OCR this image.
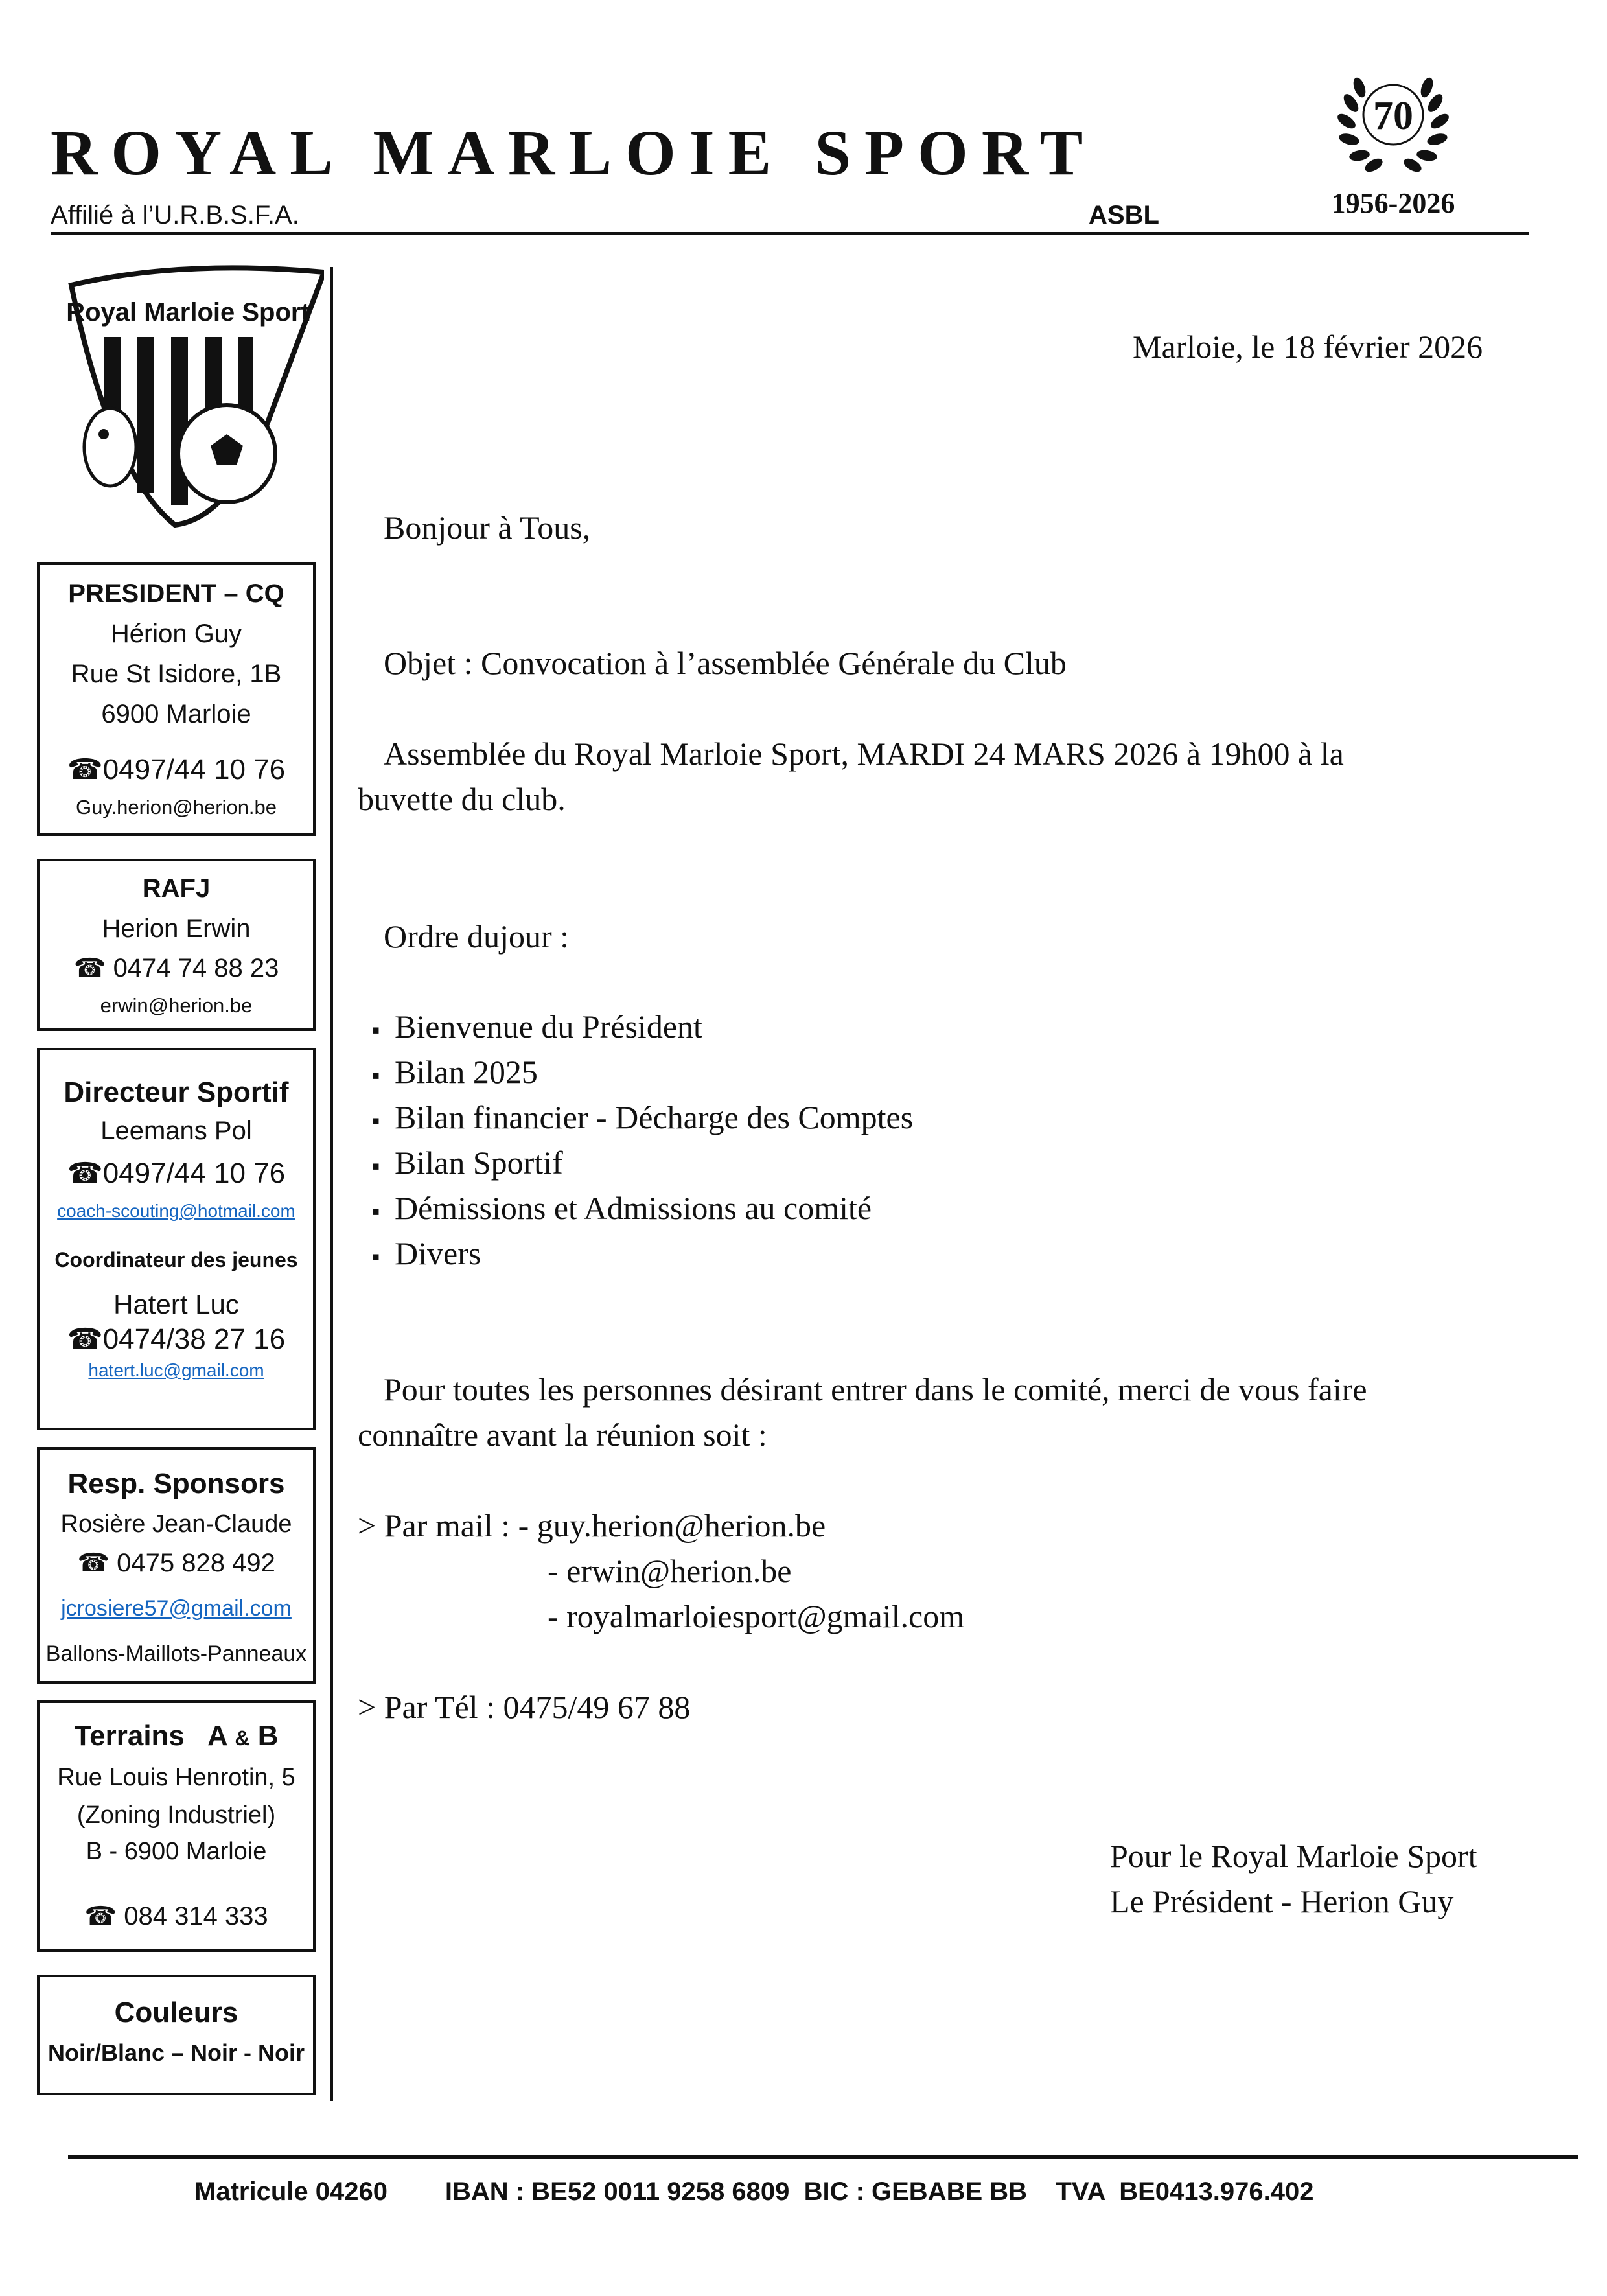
ROYAL MARLOIE SPORT
Affilié à l’U.R.B.S.F.A.	ASBL
70
1956-2026
Royal Marloie Sport
PRESIDENT – CQ
Hérion Guy
Rue St Isidore, 1B
6900 Marloie
☎0497/44 10 76
Guy.herion@herion.be
RAFJ
Herion Erwin
☎ 0474 74 88 23
erwin@herion.be
Directeur Sportif
Leemans Pol
☎0497/44 10 76
coach-scouting@hotmail.com
Coordinateur des jeunes
Hatert Luc
☎0474/38 27 16
hatert.luc@gmail.com
Resp. Sponsors
Rosière Jean-Claude
☎ 0475 828 492
jcrosiere57@gmail.com
Ballons-Maillots-Panneaux
Terrains A & B
Rue Louis Henrotin, 5
(Zoning Industriel)
B - 6900 Marloie
☎ 084 314 333
Couleurs
Noir/Blanc – Noir - Noir
Marloie, le 18 février 2026
Bonjour à Tous,
Objet : Convocation à l’assemblée Générale du Club
Assemblée du Royal Marloie Sport, MARDI 24 MARS 2026 à 19h00 à la
buvette du club.
Ordre dujour :
▪ Bienvenue du Président
▪ Bilan 2025
▪ Bilan financier - Décharge des Comptes
▪ Bilan Sportif
▪ Démissions et Admissions au comité
▪ Divers
Pour toutes les personnes désirant entrer dans le comité, merci de vous faire
connaître avant la réunion soit :
> Par mail : - guy.herion@herion.be
- erwin@herion.be
- royalmarloiesport@gmail.com
> Par Tél : 0475/49 67 88
Pour le Royal Marloie Sport
Le Président - Herion Guy
Matricule 04260 IBAN : BE52 0011 9258 6809 BIC : GEBABE BB TVA  BE0413.976.402
